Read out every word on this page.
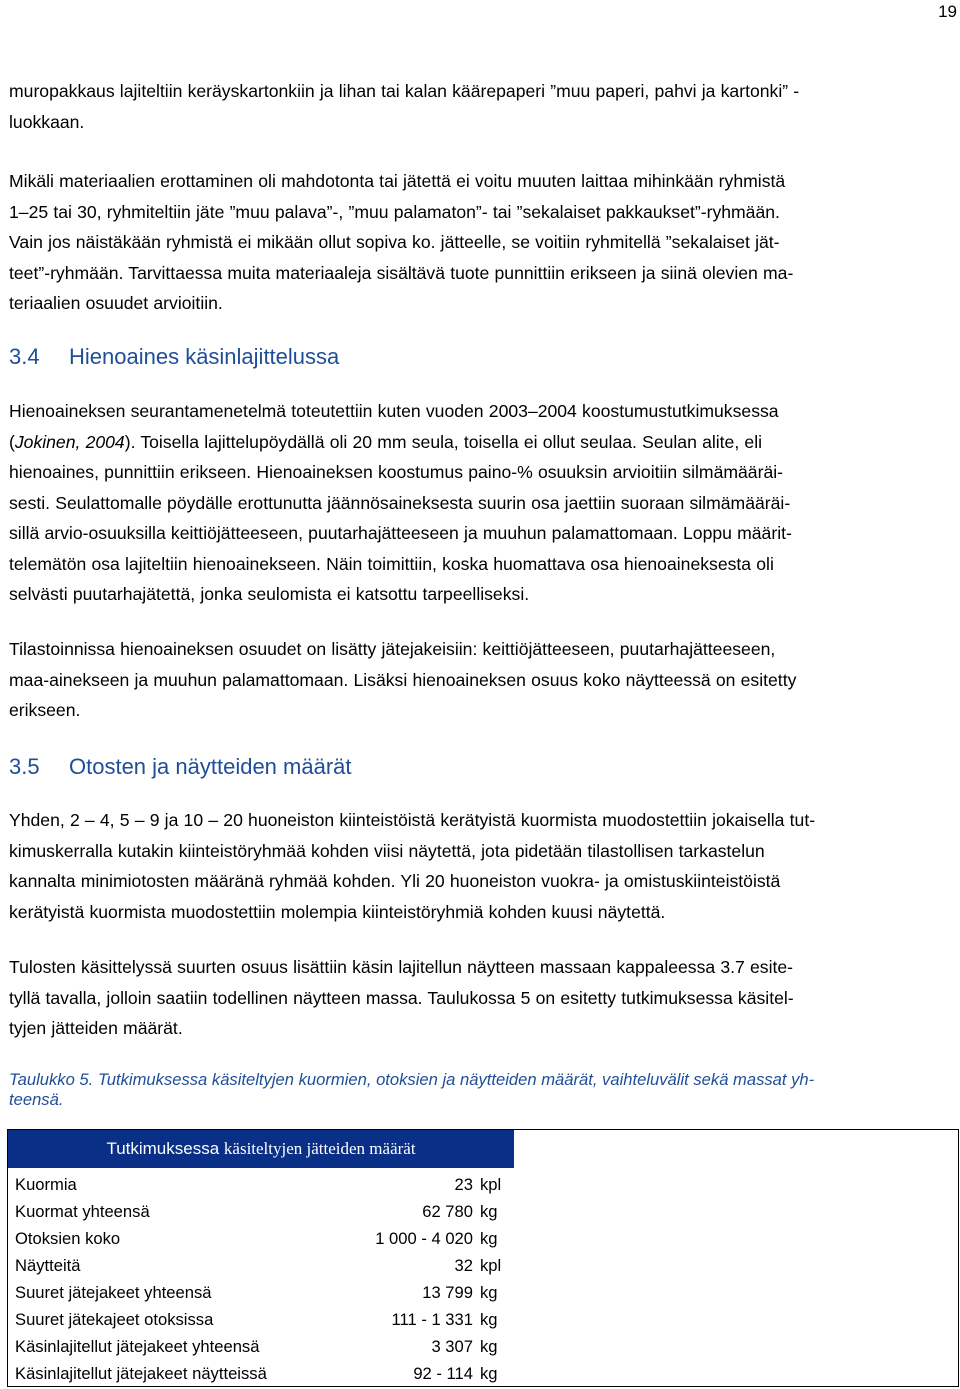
19

muropakkaus lajiteltiin keräyskartonkiin ja lihan tai kalan käärepaperi ”muu paperi, pahvi ja kartonki” -
luokkaan.

Mikäli materiaalien erottaminen oli mahdotonta tai jätettä ei voitu muuten laittaa mihinkään ryhmistä
1–25 tai 30, ryhmiteltiin jäte ”muu palava”-, ”muu palamaton”- tai ”sekalaiset pakkaukset”-ryhmään.
Vain jos näistäkään ryhmistä ei mikään ollut sopiva ko. jätteelle, se voitiin ryhmitellä ”sekalaiset jät-
teet”-ryhmään. Tarvittaessa muita materiaaleja sisältävä tuote punnittiin erikseen ja siinä olevien ma-
teriaalien osuudet arvioitiin.

3.4 Hienoaines käsinlajittelussa

Hienoaineksen seurantamenetelmä toteutettiin kuten vuoden 2003–2004 koostumustutkimuksessa
(Jokinen, 2004). Toisella lajittelupöydällä oli 20 mm seula, toisella ei ollut seulaa. Seulan alite, eli
hienoaines, punnittiin erikseen. Hienoaineksen koostumus paino-% osuuksin arvioitiin silmämääräi-
sesti. Seulattomalle pöydälle erottunutta jäännösaineksesta suurin osa jaettiin suoraan silmämääräi-
sillä arvio-osuuksilla keittiöjätteeseen, puutarhajätteeseen ja muuhun palamattomaan. Loppu määrit-
telemätön osa lajiteltiin hienoainekseen. Näin toimittiin, koska huomattava osa hienoaineksesta oli
selvästi puutarhajätettä, jonka seulomista ei katsottu tarpeelliseksi.

Tilastoinnissa hienoaineksen osuudet on lisätty jätejakeisiin: keittiöjätteeseen, puutarhajätteeseen,
maa-ainekseen ja muuhun palamattomaan. Lisäksi hienoaineksen osuus koko näytteessä on esitetty
erikseen.

3.5 Otosten ja näytteiden määrät

Yhden, 2 – 4, 5 – 9 ja 10 – 20 huoneiston kiinteistöistä kerätyistä kuormista muodostettiin jokaisella tut-
kimuskerralla kutakin kiinteistöryhmää kohden viisi näytettä, jota pidetään tilastollisen tarkastelun
kannalta minimiotosten määränä ryhmää kohden. Yli 20 huoneiston vuokra- ja omistuskiinteistöistä
kerätyistä kuormista muodostettiin molempia kiinteistöryhmiä kohden kuusi näytettä.

Tulosten käsittelyssä suurten osuus lisättiin käsin lajitellun näytteen massaan kappaleessa 3.7 esite-
tyllä tavalla, jolloin saatiin todellinen näytteen massa. Taulukossa 5 on esitetty tutkimuksessa käsitel-
tyjen jätteiden määrät.

Taulukko 5. Tutkimuksessa käsiteltyjen kuormien, otoksien ja näytteiden määrät, vaihteluvälit sekä massat yh-
teensä.
Tutkimuksessa
käsiteltyjen jätteiden määrät
Kuormia	23 kpl
Kuormat yhteensä	62 780 kg
Otoksien koko	1 000 - 4 020 kg
Näytteitä	32 kpl
Suuret jätejakeet yhteensä	13 799 kg
Suuret jätekajeet otoksissa	111 - 1 331 kg
Käsinlajitellut jätejakeet yhteensä	3 307 kg
Käsinlajitellut jätejakeet näytteissä	92 - 114 kg
